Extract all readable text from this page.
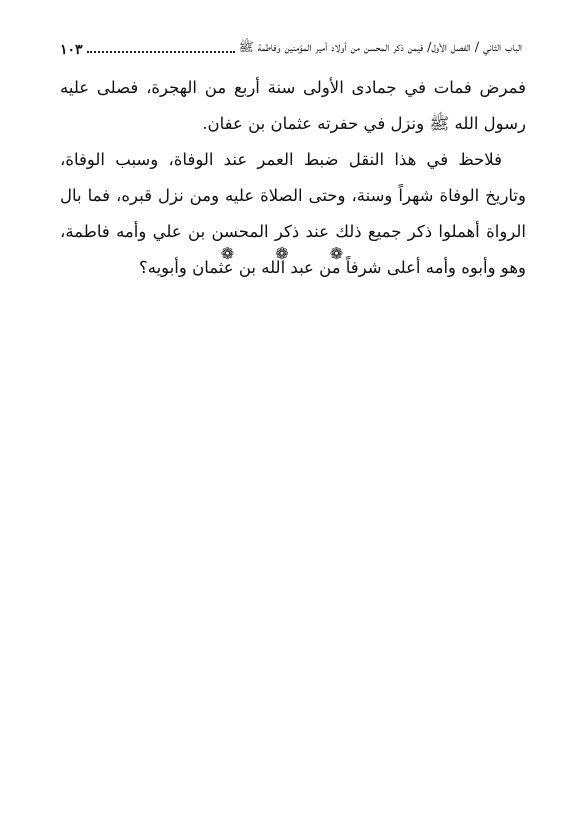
الباب الثاني / الفصل الأول/ فيمن ذكر المحسن من أولاد أمير المؤمنين وفاطمة ﷺ
١٠٣

فمرض فمات في جمادى الأولى سنة أربع من الهجرة، فصلى عليه رسول الله ﷺ ونزل في حفرته عثمان بن عفان.

فلاحظ في هذا النقل ضبط العمر عند الوفاة، وسبب الوفاة، وتاريخ الوفاة شهراً وسنة، وحتى الصلاة عليه ومن نزل قبره، فما بال الرواة أهملوا ذكر جميع ذلك عند ذكر المحسن بن علي وأمه فاطمة، وهو وأبوه وأمه أعلى شرفاً من عبد الله بن عثمان وأبويه؟

❁ ❁ ❁
